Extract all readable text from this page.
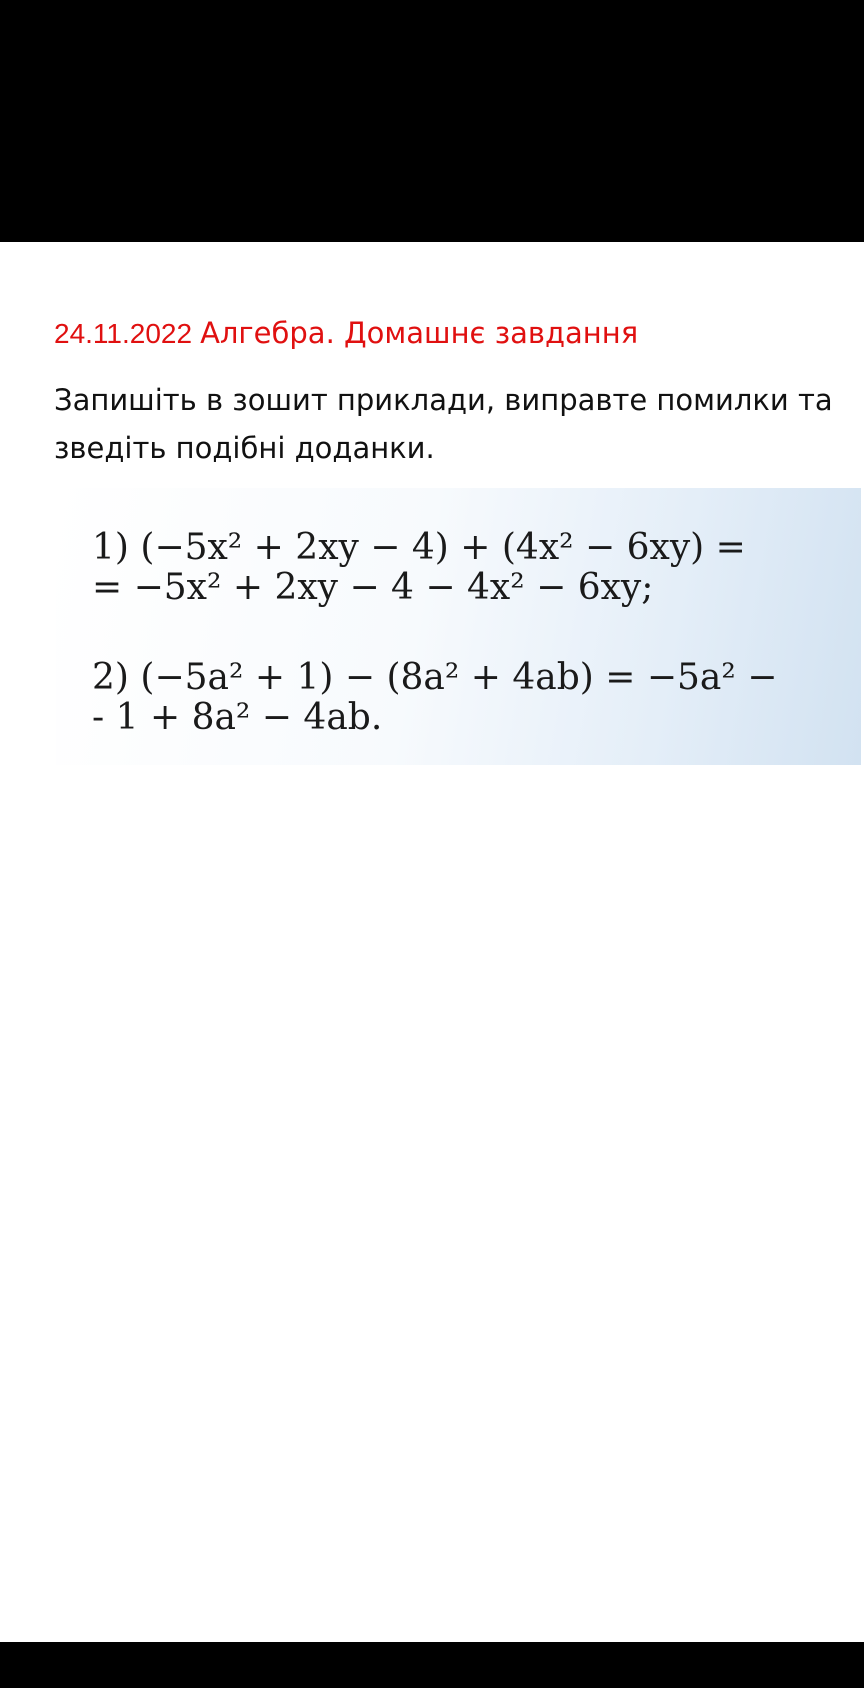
24.11.2022 Алгебра. Домашнє завдання
Запишіть в зошит приклади, виправте помилки та зведіть подібні доданки.
1) (−5x² + 2xy − 4) + (4x² − 6xy) =
= −5x² + 2xy − 4 − 4x² − 6xy;
2) (−5a² + 1) − (8a² + 4ab) = −5a² −
- 1 + 8a² − 4ab.
